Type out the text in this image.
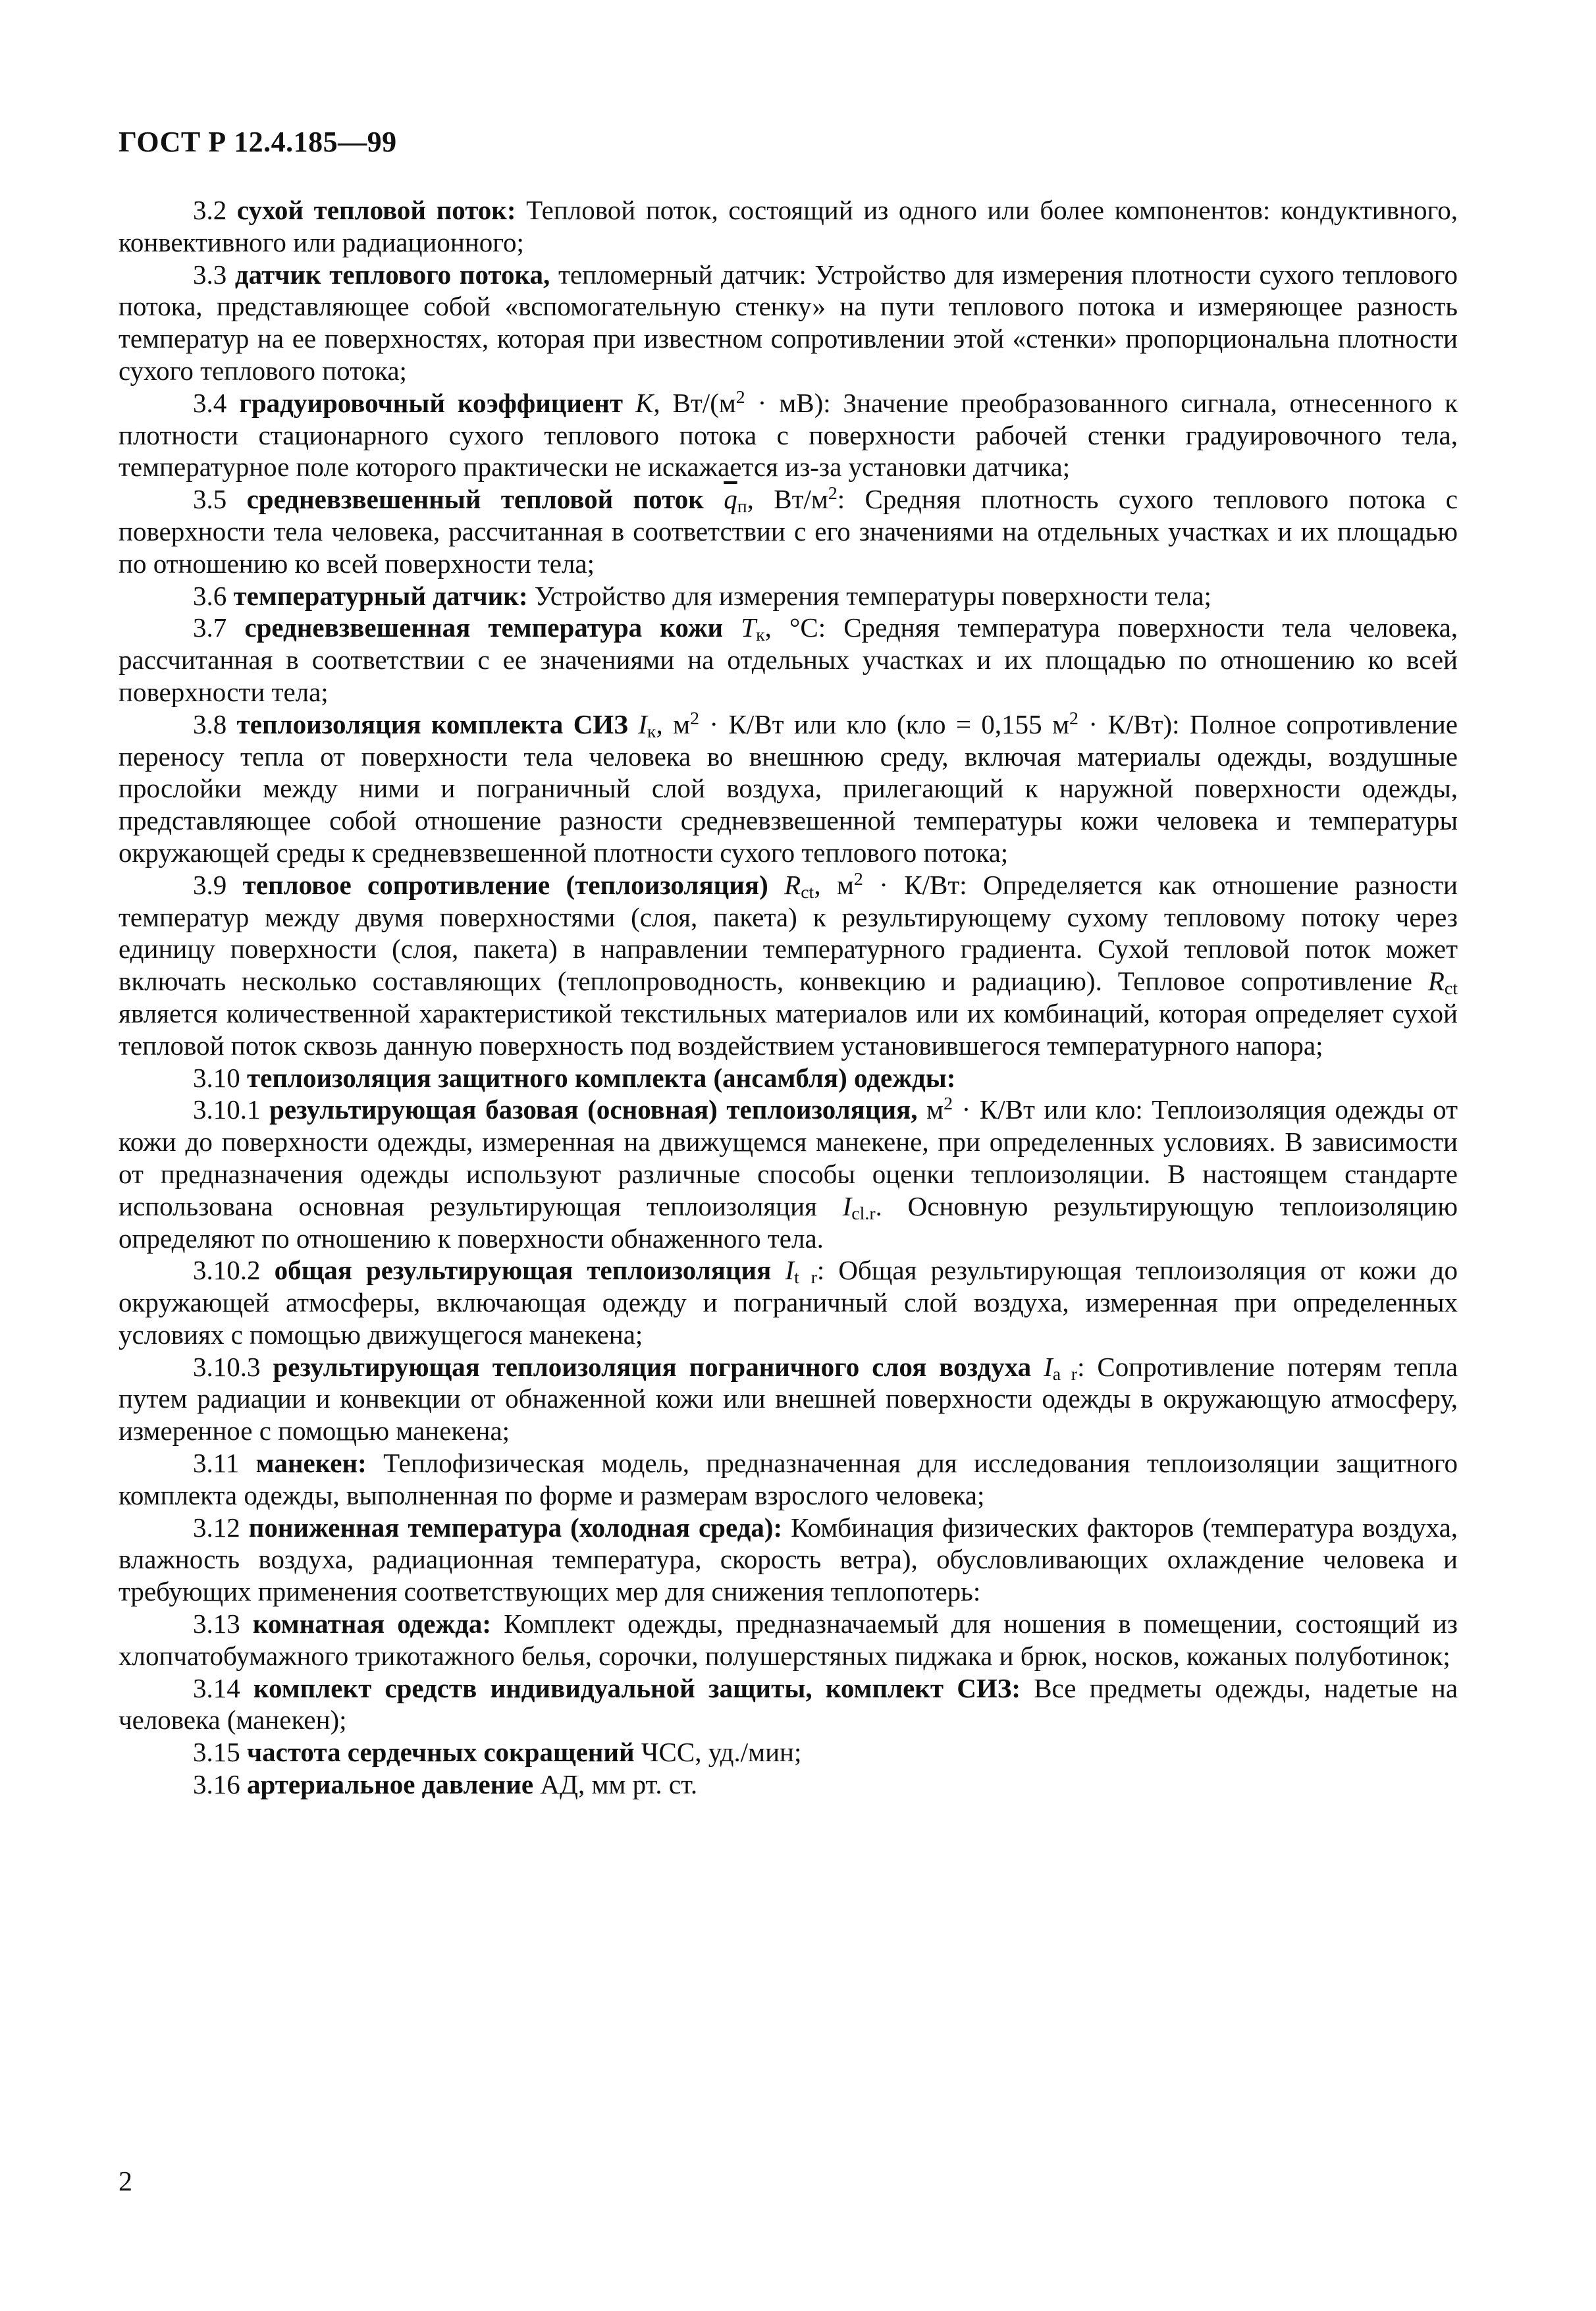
ГОСТ Р 12.4.185—99

3.2 сухой тепловой поток: Тепловой поток, состоящий из одного или более компонентов: кондуктивного, конвективного или радиационного;

3.3 датчик теплового потока, тепломерный датчик: Устройство для измерения плотности сухого теплового потока, представляющее собой «вспомогательную стенку» на пути теплового потока и измеряющее разность температур на ее поверхностях, которая при известном сопротивлении этой «стенки» пропорциональна плотности сухого теплового потока;

3.4 градуировочный коэффициент K, $Вт/(м^2 \cdot мВ)$: Значение преобразованного сигнала, отнесенного к плотности стационарного сухого теплового потока с поверхности рабочей стенки градуировочного тела, температурное поле которого практически не искажается из-за установки датчика;

3.5 средневзвешенный тепловой поток $\overline{q}_п$, $Вт/м^2$: Средняя плотность сухого теплового потока с поверхности тела человека, рассчитанная в соответствии с его значениями на отдельных участках и их площадью по отношению ко всей поверхности тела;

3.6 температурный датчик: Устройство для измерения температуры поверхности тела;

3.7 средневзвешенная температура кожи $T_к$, °С: Средняя температура поверхности тела человека, рассчитанная в соответствии с ее значениями на отдельных участках и их площадью по отношению ко всей поверхности тела;

3.8 теплоизоляция комплекта СИЗ $I_к$, $м^2 \cdot К/Вт$ или кло (кло = 0,155 $м^2 \cdot К/Вт$): Полное сопротивление переносу тепла от поверхности тела человека во внешнюю среду, включая материалы одежды, воздушные прослойки между ними и пограничный слой воздуха, прилегающий к наружной поверхности одежды, представляющее собой отношение разности средневзвешенной температуры кожи человека и температуры окружающей среды к средневзвешенной плотности сухого теплового потока;

3.9 тепловое сопротивление (теплоизоляция) $R_{ct}$, $м^2 \cdot К/Вт$: Определяется как отношение разности температур между двумя поверхностями (слоя, пакета) к результирующему сухому тепловому потоку через единицу поверхности (слоя, пакета) в направлении температурного градиента. Сухой тепловой поток может включать несколько составляющих (теплопроводность, конвекцию и радиацию). Тепловое сопротивление $R_{ct}$ является количественной характеристикой текстильных материалов или их комбинаций, которая определяет сухой тепловой поток сквозь данную поверхность под воздействием установившегося температурного напора;

3.10 теплоизоляция защитного комплекта (ансамбля) одежды:

3.10.1 результирующая базовая (основная) теплоизоляция, $м^2 \cdot К/Вт$ или кло: Теплоизоляция одежды от кожи до поверхности одежды, измеренная на движущемся манекене, при определенных условиях. В зависимости от предназначения одежды используют различные способы оценки теплоизоляции. В настоящем стандарте использована основная результирующая теплоизоляция $I_{cl.r}$. Основную результирующую теплоизоляцию определяют по отношению к поверхности обнаженного тела.

3.10.2 общая результирующая теплоизоляция $I_{t r}$: Общая результирующая теплоизоляция от кожи до окружающей атмосферы, включающая одежду и пограничный слой воздуха, измеренная при определенных условиях с помощью движущегося манекена;

3.10.3 результирующая теплоизоляция пограничного слоя воздуха $I_{a r}$: Сопротивление потерям тепла путем радиации и конвекции от обнаженной кожи или внешней поверхности одежды в окружающую атмосферу, измеренное с помощью манекена;

3.11 манекен: Теплофизическая модель, предназначенная для исследования теплоизоляции защитного комплекта одежды, выполненная по форме и размерам взрослого человека;

3.12 пониженная температура (холодная среда): Комбинация физических факторов (температура воздуха, влажность воздуха, радиационная температура, скорость ветра), обусловливающих охлаждение человека и требующих применения соответствующих мер для снижения теплопотерь:

3.13 комнатная одежда: Комплект одежды, предназначаемый для ношения в помещении, состоящий из хлопчатобумажного трикотажного белья, сорочки, полушерстяных пиджака и брюк, носков, кожаных полуботинок;

3.14 комплект средств индивидуальной защиты, комплект СИЗ: Все предметы одежды, надетые на человека (манекен);

3.15 частота сердечных сокращений ЧСС, уд./мин;

3.16 артериальное давление АД, мм рт. ст.

2
